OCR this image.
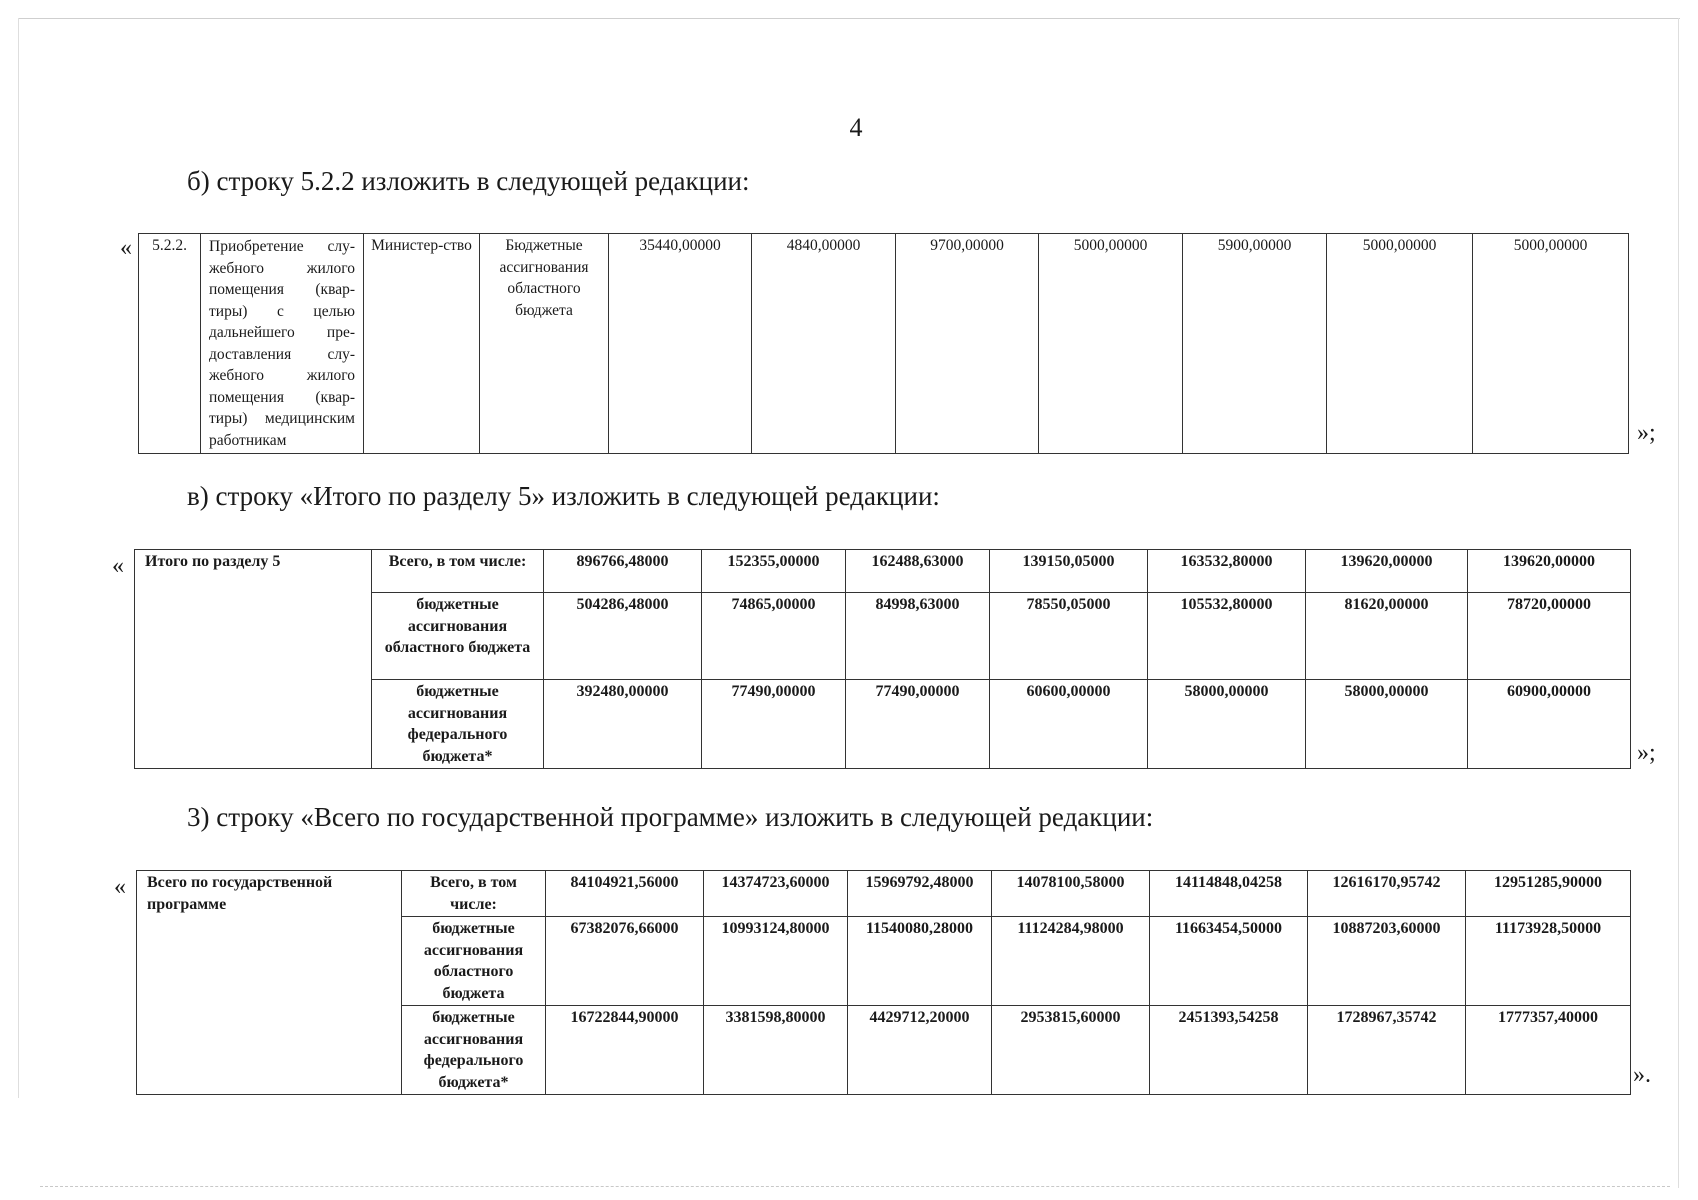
4
б) строку 5.2.2 изложить в следующей редакции:
« 5.2.2.	Приобретение слу-жебного жилого помещения (квар-тиры) с целью дальнейшего пре-доставления слу-жебного жилого помещения (квар-тиры) медицинским работникам	Министер-ство	Бюджетные ассигнования областного бюджета	35440,00000	4840,00000	9700,00000	5000,00000	5900,00000	5000,00000	5000,00000
»;
в) строку «Итого по разделу 5» изложить в следующей редакции:
« Итого по разделу 5	Всего, в том числе:	896766,48000	152355,00000	162488,63000	139150,05000	163532,80000	139620,00000	139620,00000
	бюджетные ассигнования областного бюджета	504286,48000	74865,00000	84998,63000	78550,05000	105532,80000	81620,00000	78720,00000
	бюджетные ассигнования федерального бюджета*	392480,00000	77490,00000	77490,00000	60600,00000	58000,00000	58000,00000	60900,00000
»;
3) строку «Всего по государственной программе» изложить в следующей редакции:
« Всего по государственной программе	Всего, в том числе:	84104921,56000	14374723,60000	15969792,48000	14078100,58000	14114848,04258	12616170,95742	12951285,90000
	бюджетные ассигнования областного бюджета	67382076,66000	10993124,80000	11540080,28000	11124284,98000	11663454,50000	10887203,60000	11173928,50000
	бюджетные ассигнования федерального бюджета*	16722844,90000	3381598,80000	4429712,20000	2953815,60000	2451393,54258	1728967,35742	1777357,40000
».
